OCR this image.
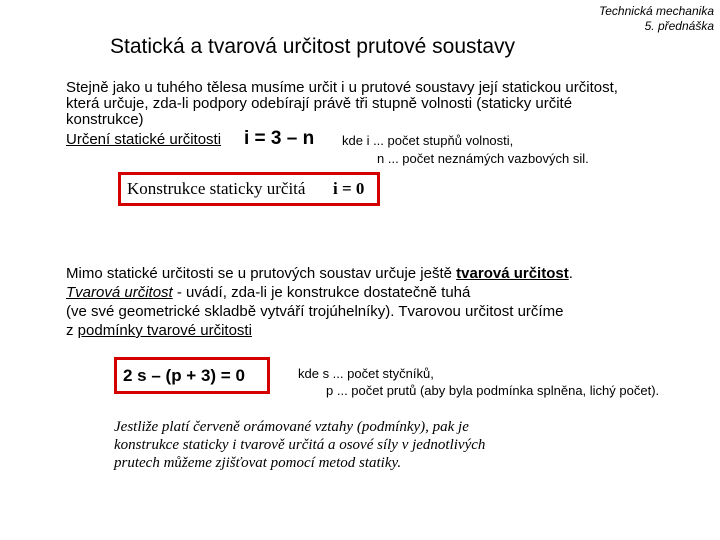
Technická mechanika
5. přednáška
Statická a tvarová určitost prutové soustavy
Stejně jako u tuhého tělesa musíme určit i u prutové soustavy její statickou určitost,
která určuje, zda-li podpory odebírají právě tři stupně volnosti (staticky určité
konstrukce)
Určení statické určitosti i = 3 – n kde i ... počet stupňů volnosti,
n ... počet neznámých vazbových sil.
Konstrukce staticky určitá i = 0
Mimo statické určitosti se u prutových soustav určuje ještě tvarová určitost.
Tvarová určitost - uvádí, zda-li je konstrukce dostatečně tuhá
(ve své geometrické skladbě vytváří trojúhelníky). Tvarovou určitost určíme
z podmínky tvarové určitosti
2 s – (p + 3) = 0	kde s ... počet styčníků,
p ... počet prutů (aby byla podmínka splněna, lichý počet).
Jestliže platí červeně orámované vztahy (podmínky), pak je
konstrukce staticky i tvarově určitá a osové síly v jednotlivých
prutech můžeme zjišťovat pomocí metod statiky.
